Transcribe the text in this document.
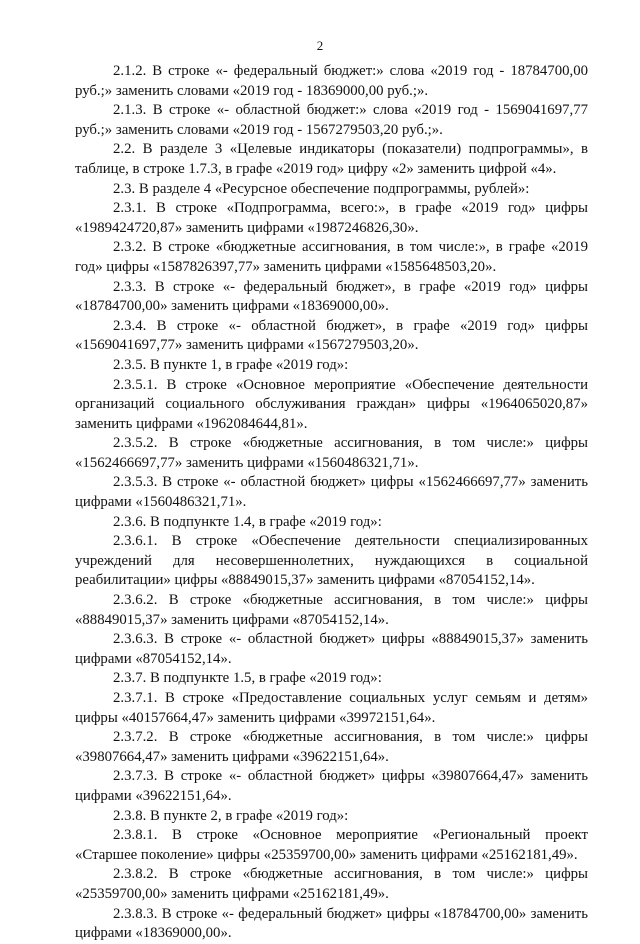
2

2.1.2. В строке «- федеральный бюджет:» слова «2019 год - 18784700,00 руб.;» заменить словами «2019 год - 18369000,00 руб.;».

2.1.3. В строке «- областной бюджет:» слова «2019 год - 1569041697,77 руб.;» заменить словами «2019 год - 1567279503,20 руб.;».

2.2. В разделе 3 «Целевые индикаторы (показатели) подпрограммы», в таблице, в строке 1.7.3, в графе «2019 год» цифру «2» заменить цифрой «4».

2.3. В разделе 4 «Ресурсное обеспечение подпрограммы, рублей»:

2.3.1. В строке «Подпрограмма, всего:», в графе «2019 год» цифры «1989424720,87» заменить цифрами «1987246826,30».

2.3.2. В строке «бюджетные ассигнования, в том числе:», в графе «2019 год» цифры «1587826397,77» заменить цифрами «1585648503,20».

2.3.3. В строке «- федеральный бюджет», в графе «2019 год» цифры «18784700,00» заменить цифрами «18369000,00».

2.3.4. В строке «- областной бюджет», в графе «2019 год» цифры «1569041697,77» заменить цифрами «1567279503,20».

2.3.5. В пункте 1, в графе «2019 год»:

2.3.5.1. В строке «Основное мероприятие «Обеспечение деятельности организаций социального обслуживания граждан» цифры «1964065020,87» заменить цифрами «1962084644,81».

2.3.5.2. В строке «бюджетные ассигнования, в том числе:» цифры «1562466697,77» заменить цифрами «1560486321,71».

2.3.5.3. В строке «- областной бюджет» цифры «1562466697,77» заменить цифрами «1560486321,71».

2.3.6. В подпункте 1.4, в графе «2019 год»:

2.3.6.1. В строке «Обеспечение деятельности специализированных учреждений для несовершеннолетних, нуждающихся в социальной реабилитации» цифры «88849015,37» заменить цифрами «87054152,14».

2.3.6.2. В строке «бюджетные ассигнования, в том числе:» цифры «88849015,37» заменить цифрами «87054152,14».

2.3.6.3. В строке «- областной бюджет» цифры «88849015,37» заменить цифрами «87054152,14».

2.3.7. В подпункте 1.5, в графе «2019 год»:

2.3.7.1. В строке «Предоставление социальных услуг семьям и детям» цифры «40157664,47» заменить цифрами «39972151,64».

2.3.7.2. В строке «бюджетные ассигнования, в том числе:» цифры «39807664,47» заменить цифрами «39622151,64».

2.3.7.3. В строке «- областной бюджет» цифры «39807664,47» заменить цифрами «39622151,64».

2.3.8. В пункте 2, в графе «2019 год»:

2.3.8.1. В строке «Основное мероприятие «Региональный проект «Старшее поколение» цифры «25359700,00» заменить цифрами «25162181,49».

2.3.8.2. В строке «бюджетные ассигнования, в том числе:» цифры «25359700,00» заменить цифрами «25162181,49».

2.3.8.3. В строке «- федеральный бюджет» цифры «18784700,00» заменить цифрами «18369000,00».
